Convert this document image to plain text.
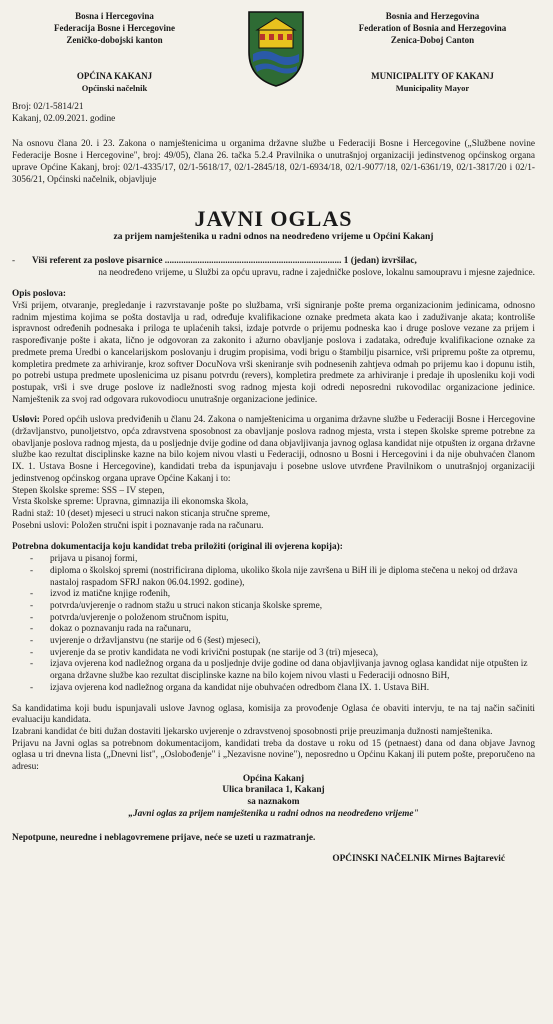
Bosna i Hercegovina
Federacija Bosne i Hercegovine
Zeničko-dobojski kanton
OPĆINA KAKANJ
Općinski načelnik
Bosnia and Herzegovina
Federation of Bosnia and Herzegovina
Zenica-Doboj Canton
MUNICIPALITY OF KAKANJ
Municipality Mayor
Broj: 02/1-5814/21
Kakanj, 02.09.2021. godine

Na osnovu člana 20. i 23. Zakona o namještenicima u organima državne službe u Federaciji Bosne i Hercegovine („Službene novine Federacije Bosne i Hercegovine", broj: 49/05), člana 26. tačka 5.2.4 Pravilnika o unutrašnjoj organizaciji jedinstvenog općinskog organa uprave Općine Kakanj, broj: 02/1-4335/17, 02/1-5618/17, 02/1-2845/18, 02/1-6934/18, 02/1-9077/18, 02/1-6361/19, 02/1-3817/20 i 02/1-3056/21, Općinski načelnik, objavljuje

JAVNI OGLAS
za prijem namještenika u radni odnos na neodređeno vrijeme u Općini Kakanj
-	Viši referent za poslove pisarnice ............................................................................ 1 (jedan) izvršilac,
na neodređeno vrijeme, u Službi za opću upravu, radne i zajedničke poslove, lokalnu samoupravu i mjesne zajednice.
Opis poslova:

Vrši prijem, otvaranje, pregledanje i razvrstavanje pošte po službama, vrši signiranje pošte prema organizacionim jedinicama, odnosno radnim mjestima kojima se pošta dostavlja u rad, određuje kvalifikacione oznake predmeta akata kao i zaduživanje akata; kontroliše ispravnost određenih podnesaka i priloga te uplaćenih taksi, izdaje potvrde o prijemu podneska kao i druge poslove vezane za prijem i raspoređivanje pošte i akata, lično je odgovoran za zakonito i ažurno obavljanje poslova i zadataka, određuje kvalifikacione oznake za predmete prema Uredbi o kancelarijskom poslovanju i drugim propisima, vodi brigu o štambilju pisarnice, vrši pripremu pošte za otpremu, kompletira predmete za arhiviranje, kroz softver DocuNova vrši skeniranje svih podnesenih zahtjeva odmah po prijemu kao i dopunu istih, po potrebi ustupa predmete uposlenicima uz pisanu potvrdu (revers), kompletira predmete za arhiviranje i predaje ih uposleniku koji vodi postupak, vrši i sve druge poslove iz nadležnosti svog radnog mjesta koji odredi neposredni rukovodilac organizacione jedinice. Namještenik za svoj rad odgovara rukovodiocu unutrašnje organizacione jedinice.

Uslovi: Pored općih uslova predviđenih u članu 24. Zakona o namještenicima u organima državne službe u Federaciji Bosne i Hercegovine (državljanstvo, punoljetstvo, opća zdravstvena sposobnost za obavljanje poslova radnog mjesta, vrsta i stepen školske spreme potrebne za obavljanje poslova radnog mjesta, da u posljednje dvije godine od dana objavljivanja javnog oglasa kandidat nije otpušten iz organa državne službe kao rezultat disciplinske kazne na bilo kojem nivou vlasti u Federaciji, odnosno u Bosni i Hercegovini i da nije obuhvaćen članom IX. 1. Ustava Bosne i Hercegovine), kandidati treba da ispunjavaju i posebne uslove utvrđene Pravilnikom o unutrašnjoj organizaciji jedinstvenog općinskog organa uprave Općine Kakanj i to:

Stepen školske spreme: SSS – IV stepen,
Vrsta školske spreme: Upravna, gimnazija ili ekonomska škola,
Radni staž: 10 (deset) mjeseci u struci nakon sticanja stručne spreme,
Posebni uslovi: Položen stručni ispit i poznavanje rada na računaru.
Potrebna dokumentacija koju kandidat treba priložiti (original ili ovjerena kopija):
- prijava u pisanoj formi,
- diploma o školskoj spremi (nostrificirana diploma, ukoliko škola nije završena u BiH ili je diploma stečena u nekoj od država nastaloj raspadom SFRJ nakon 06.04.1992. godine),
- izvod iz matične knjige rođenih,
- potvrda/uvjerenje o radnom stažu u struci nakon sticanja školske spreme,
- potvrda/uvjerenje o položenom stručnom ispitu,
- dokaz o poznavanju rada na računaru,
- uvjerenje o državljanstvu (ne starije od 6 (šest) mjeseci),
- uvjerenje da se protiv kandidata ne vodi krivični postupak (ne starije od 3 (tri) mjeseca),
- izjava ovjerena kod nadležnog organa da u posljednje dvije godine od dana objavljivanja javnog oglasa kandidat nije otpušten iz organa državne službe kao rezultat disciplinske kazne na bilo kojem nivou vlasti u Federaciji odnosno BiH,
- izjava ovjerena kod nadležnog organa da kandidat nije obuhvaćen odredbom člana IX. 1. Ustava BiH.

Sa kandidatima koji budu ispunjavali uslove Javnog oglasa, komisija za provođenje Oglasa će obaviti intervju, te na taj način sačiniti evaluaciju kandidata.

Izabrani kandidat će biti dužan dostaviti ljekarsko uvjerenje o zdravstvenoj sposobnosti prije preuzimanja dužnosti namještenika.

Prijavu na Javni oglas sa potrebnom dokumentacijom, kandidati treba da dostave u roku od 15 (petnaest) dana od dana objave Javnog oglasa u tri dnevna lista („Dnevni list", „Oslobođenje" i „Nezavisne novine"), neposredno u Općinu Kakanj ili putem pošte, preporučeno na adresu:

Općina Kakanj
Ulica branilaca 1, Kakanj
sa naznakom
„Javni oglas za prijem namještenika u radni odnos na neodređeno vrijeme"

Nepotpune, neuredne i neblagovremene prijave, neće se uzeti u razmatranje.

OPĆINSKI NAČELNIK Mirnes Bajtarević
